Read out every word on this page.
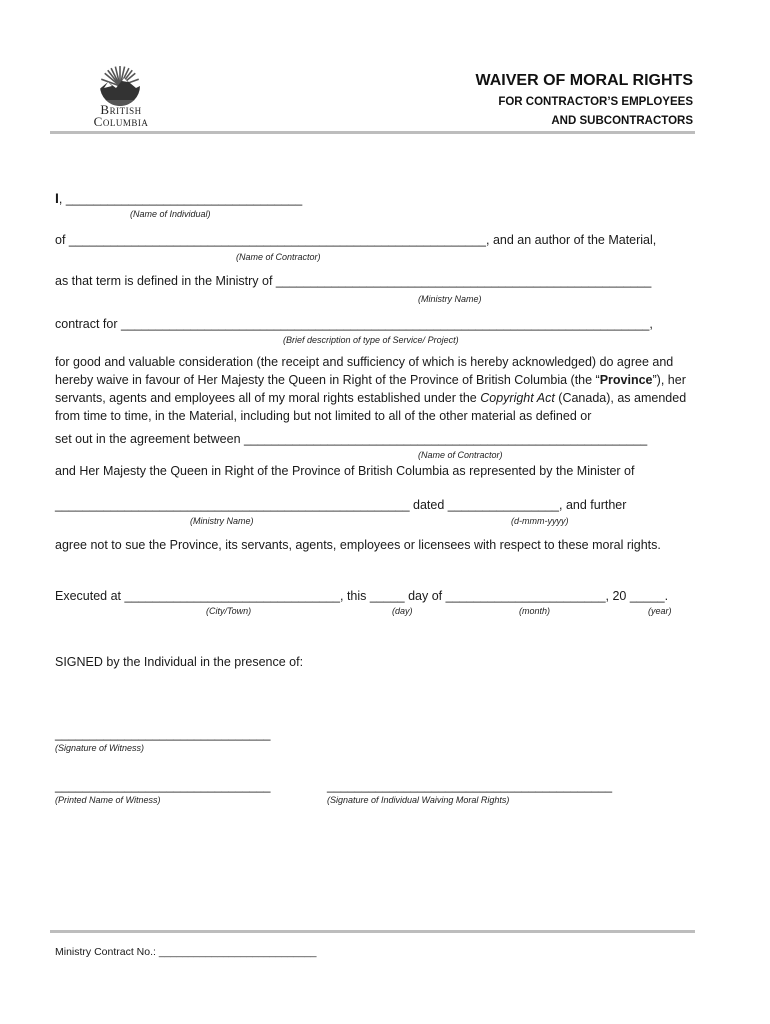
British
Columbia
WAIVER OF MORAL RIGHTS
FOR CONTRACTOR’S EMPLOYEES
AND SUBCONTRACTORS
I, __________________________________
(Name of Individual)
of ____________________________________________________________, and an author of the Material,
(Name of Contractor)
as that term is defined in the Ministry of ______________________________________________________
(Ministry Name)
contract for ____________________________________________________________________________,
(Brief description of type of Service/ Project)
for good and valuable consideration (the receipt and sufficiency of which is hereby acknowledged) do agree and hereby waive in favour of Her Majesty the Queen in Right of the Province of British Columbia (the “Province”), her servants, agents and employees all of my moral rights established under the Copyright Act (Canada), as amended from time to time, in the Material, including but not limited to all of the other material as defined or
set out in the agreement between __________________________________________________________
(Name of Contractor)
and Her Majesty the Queen in Right of the Province of British Columbia as represented by the Minister of
___________________________________________________ dated ________________, and further
(Ministry Name)	(d-mmm-yyyy)
agree not to sue the Province, its servants, agents, employees or licensees with respect to these moral rights.
Executed at _______________________________, this _____ day of _______________________, 20 _____.
(City/Town)	(day)	(month)	(year)
SIGNED by the Individual in the presence of:
_______________________________
(Signature of Witness)
_______________________________
(Printed Name of Witness)
_________________________________________
(Signature of Individual Waiving Moral Rights)
Ministry Contract No.: ___________________________
